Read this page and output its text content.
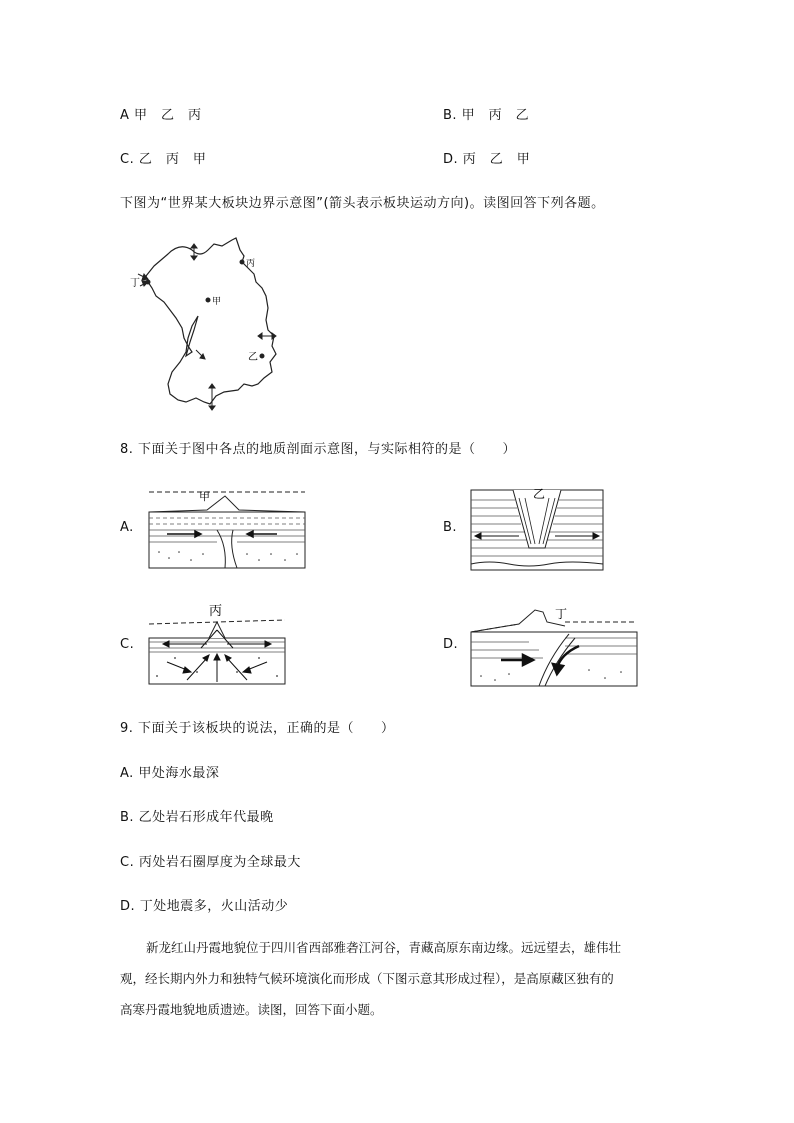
A 甲　乙　丙	B. 甲　丙　乙
C. 乙　丙　甲	D. 丙　乙　甲
下图为“世界某大板块边界示意图”(箭头表示板块运动方向)。读图回答下列各题。
甲
丙
乙
丁
8. 下面关于图中各点的地质剖面示意图，与实际相符的是（　　）
A.
甲
B.
乙
C.
丙
D.
丁
9. 下面关于该板块的说法，正确的是（　　）
A. 甲处海水最深
B. 乙处岩石形成年代最晚
C. 丙处岩石圈厚度为全球最大
D. 丁处地震多，火山活动少
新龙红山丹霞地貌位于四川省西部雅砻江河谷，青藏高原东南边缘。远远望去，雄伟壮
观，经长期内外力和独特气候环境演化而形成（下图示意其形成过程），是高原藏区独有的
高寒丹霞地貌地质遗迹。读图，回答下面小题。
